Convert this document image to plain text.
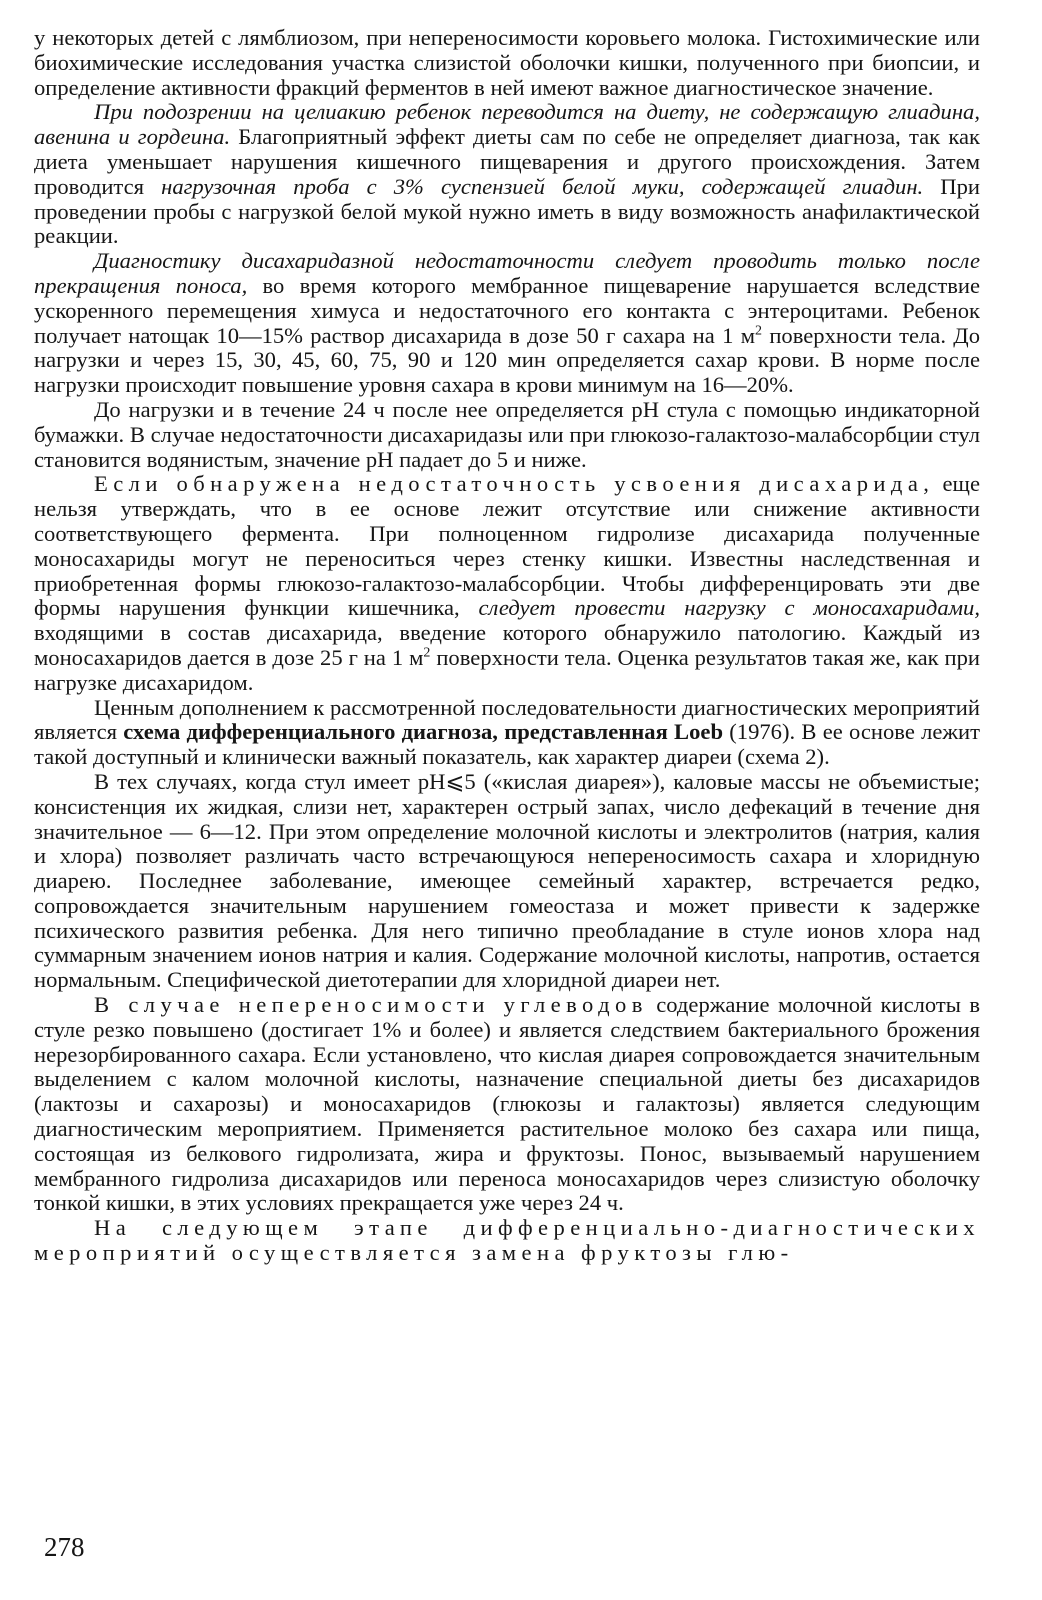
у некоторых детей с лямблиозом, при непереносимости коровьего молока. Гистохимические или биохимические исследования участка слизистой оболочки кишки, полученного при биопсии, и определение активности фракций ферментов в ней имеют важное диагностическое значение.

При подозрении на целиакию ребенок переводится на диету, не содержащую глиадина, авенина и гордеина. Благоприятный эффект диеты сам по себе не определяет диагноза, так как диета уменьшает нарушения кишечного пищеварения и другого происхождения. Затем проводится нагрузочная проба с 3% суспензией белой муки, содержащей глиадин. При проведении пробы с нагрузкой белой мукой нужно иметь в виду возможность анафилактической реакции.

Диагностику дисахаридазной недостаточности следует проводить только после прекращения поноса, во время которого мембранное пищеварение нарушается вследствие ускоренного перемещения химуса и недостаточного его контакта с энтероцитами. Ребенок получает натощак 10—15% раствор дисахарида в дозе 50 г сахара на 1 $м^2$ поверхности тела. До нагрузки и через 15, 30, 45, 60, 75, 90 и 120 мин определяется сахар крови. В норме после нагрузки происходит повышение уровня сахара в крови минимум на 16—20%.

До нагрузки и в течение 24 ч после нее определяется рН стула с помощью индикаторной бумажки. В случае недостаточности дисахаридазы или при глюкозо-галактозо-малабсорбции стул становится водянистым, значение рН падает до 5 и ниже.

Если обнаружена недостаточность усвоения дисахарида, еще нельзя утверждать, что в ее основе лежит отсутствие или снижение активности соответствующего фермента. При полноценном гидролизе дисахарида полученные моносахариды могут не переноситься через стенку кишки. Известны наследственная и приобретенная формы глюкозо-галактозо-малабсорбции. Чтобы дифференцировать эти две формы нарушения функции кишечника, следует провести нагрузку с моносахаридами, входящими в состав дисахарида, введение которого обнаружило патологию. Каждый из моносахаридов дается в дозе 25 г на 1 $м^2$ поверхности тела. Оценка результатов такая же, как при нагрузке дисахаридом.

Ценным дополнением к рассмотренной последовательности диагностических мероприятий является схема дифференциального диагноза, представленная Loeb (1976). В ее основе лежит такой доступный и клинически важный показатель, как характер диареи (схема 2).

В тех случаях, когда стул имеет рН⩽5 («кислая диарея»), каловые массы не объемистые; консистенция их жидкая, слизи нет, характерен острый запах, число дефекаций в течение дня значительное — 6—12. При этом определение молочной кислоты и электролитов (натрия, калия и хлора) позволяет различать часто встречающуюся непереносимость сахара и хлоридную диарею. Последнее заболевание, имеющее семейный характер, встречается редко, сопровождается значительным нарушением гомеостаза и может привести к задержке психического развития ребенка. Для него типично преобладание в стуле ионов хлора над суммарным значением ионов натрия и калия. Содержание молочной кислоты, напротив, остается нормальным. Специфической диетотерапии для хлоридной диареи нет.

В случае непереносимости углеводов содержание молочной кислоты в стуле резко повышено (достигает 1% и более) и является следствием бактериального брожения нерезорбированного сахара. Если установлено, что кислая диарея сопровождается значительным выделением с калом молочной кислоты, назначение специальной диеты без дисахаридов (лактозы и сахарозы) и моносахаридов (глюкозы и галактозы) является следующим диагностическим мероприятием. Применяется растительное молоко без сахара или пища, состоящая из белкового гидролизата, жира и фруктозы. Понос, вызываемый нарушением мембранного гидролиза дисахаридов или переноса моносахаридов через слизистую оболочку тонкой кишки, в этих условиях прекращается уже через 24 ч.

На следующем этапе дифференциально-диагностических мероприятий осуществляется замена фруктозы глю-

278
